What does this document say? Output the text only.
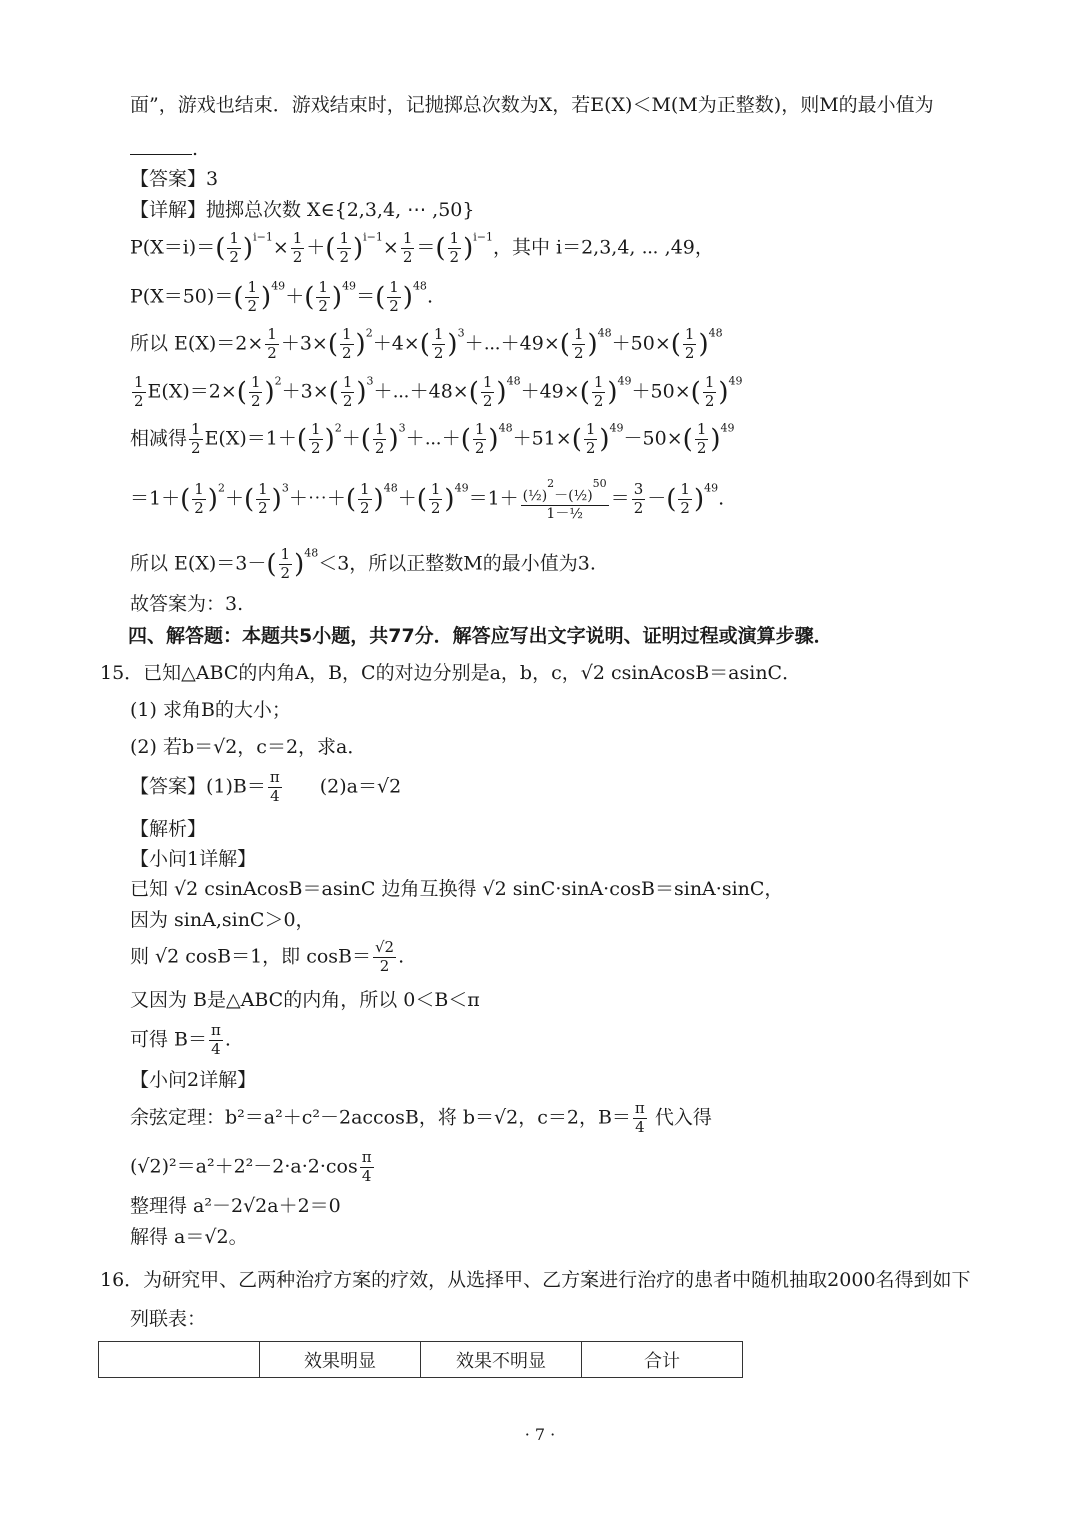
面”，游戏也结束．游戏结束时，记抛掷总次数为X，若E(X)＜M(M为正整数)，则M的最小值为
.
【答案】3
【详解】抛掷总次数 X∈{2,3,4, ⋯ ,50}
$P(X=i)=( \frac{1}{2} )^{i-1}\times \frac{1}{2}$ ＋( $\frac{1}{2} )^{i-1}\times \frac{1}{2}$ ＝( $\frac{1}{2} )^{i-1}$，其中 i＝2,3,4, ⋯ ,49，
$P(X=50)=( \frac{1}{2} )^{49}+( \frac{1}{2} )^{49}=( \frac{1}{2} )^{48}$.
所以 $E(X)=2\times \frac{1}{2} +3\times( \frac{1}{2} )^2+4\times( \frac{1}{2}$ )$^3+\cdots+49\times( \frac{1}{2} )^{48}+50\times( \frac{1}{2} )^{48}$
$\frac{1}{2} E(X)=2\times( \frac{1}{2} )^2+3\times( \frac{1}{2}$ )$^3+\cdots+48\times( \frac{1}{2} )^{48}+49\times( \frac{1}{2} )^{49}+50\times( \frac{1}{2} )^{49}$
相减得 $\frac{1}{2} E(X)=1+( \frac{1}{2} )^2+( \frac{1}{2}$ )$^3+\cdots+( \frac{1}{2} )^{48}+51\times( \frac{1}{2} )^{49}-50\times( \frac{1}{2} )^{49}$
$=1+( \frac{1}{2} )^2+( \frac{1}{2}$ )$^3+\cdots+( \frac{1}{2} )^{48}+( \frac{1}{2} )^{49}=1+ \frac{(\frac{1}{2})^2-(\frac{1}{2})^{50}}{\text{1－½}} = \frac{3}{2}$ －( $\frac{1}{2} )^{49}$.
所以 $E(X)=3-( \frac{1}{2} )^{48}<3$，所以正整数M的最小值为3.
故答案为：3.
四、解答题：本题共5小题，共77分．解答应写出文字说明、证明过程或演算步骤．
15．已知△ABC的内角A，B，C的对边分别是a，b，c，√2 csinAcosB＝asinC．
(1) 求角B的大小；
(2) 若b＝√2，c＝2，求a．
【答案】$(1)B= \frac{\pi}{4} (2)a=√2$
【解析】
【小问1详解】
已知 √2 csinAcosB＝asinC 边角互换得 √2 sinC·sinA·cosB＝sinA·sinC，
因为 sinA,sinC＞0，
则 √2 cosB＝1，即 $\cos B= \frac{√2}{2}$ .
又因为 B是△ABC的内角，所以 0＜B＜π
可得 $B= \frac{\pi}{4}$ .
【小问2详解】
余弦定理：b²＝a²＋c²－2accosB，将 b＝√2，c＝2，$B= \frac{\pi}{4}$ 代入得
$(√2)^2=a^2+2^2-2\cdot a\cdot 2\cdot\cos \frac{\pi}{4}$
整理得 a²－2√2a＋2＝0
解得 a＝√2。
16．为研究甲、乙两种治疗方案的疗效，从选择甲、乙方案进行治疗的患者中随机抽取2000名得到如下
列联表：
	效果明显	效果不明显	合计
· 7 ·
